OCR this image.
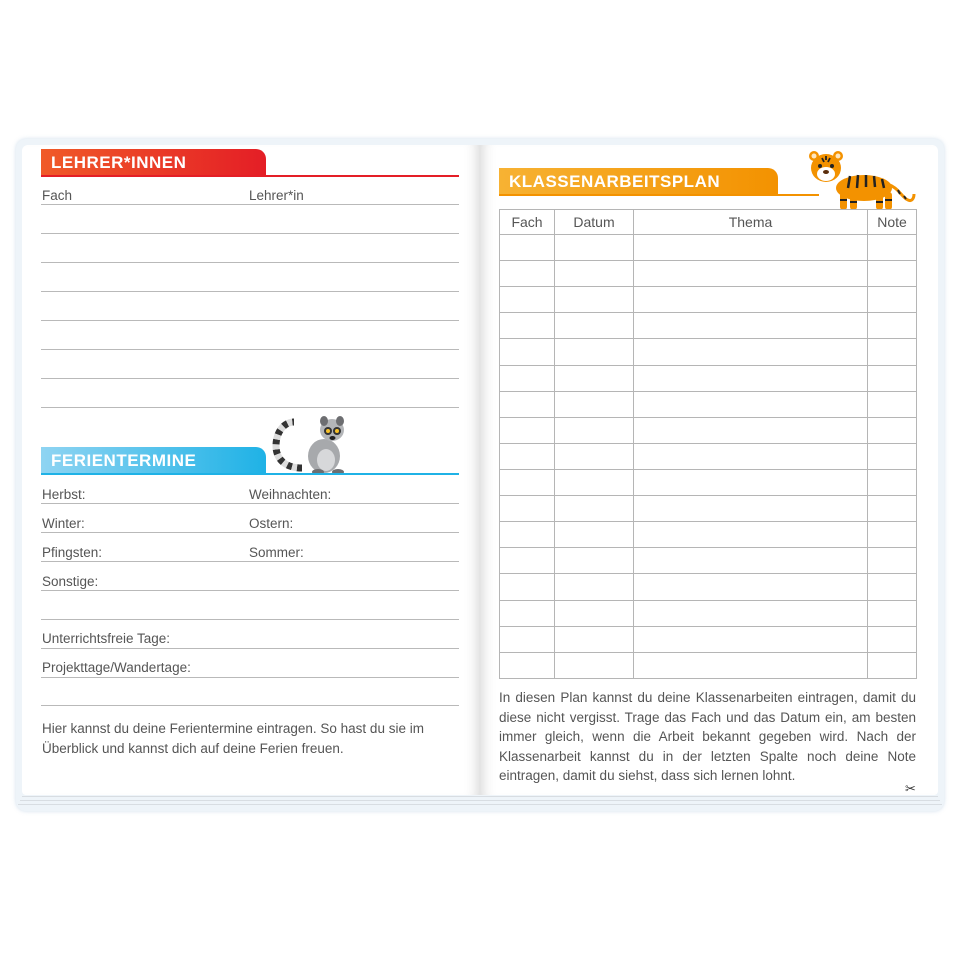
LEHRER*INNEN
Fach	Lehrer*in
FERIENTERMINE
Herbst:	Weihnachten:
Winter:	Ostern:
Pfingsten:	Sommer:
Sonstige:
Unterrichtsfreie Tage:
Projekttage/Wandertage:
Hier kannst du deine Ferientermine eintragen. So hast du sie im Überblick und kannst dich auf deine Ferien freuen.
KLASSENARBEITSPLAN
Fach	Datum	Thema	Note

In diesen Plan kannst du deine Klassenarbeiten eintragen, damit du diese nicht vergisst. Trage das Fach und das Datum ein, am besten immer gleich, wenn die Arbeit bekannt gegeben wird. Nach der Klassenarbeit kannst du in der letzten Spalte noch deine Note eintragen, damit du siehst, dass sich lernen lohnt.
✂
